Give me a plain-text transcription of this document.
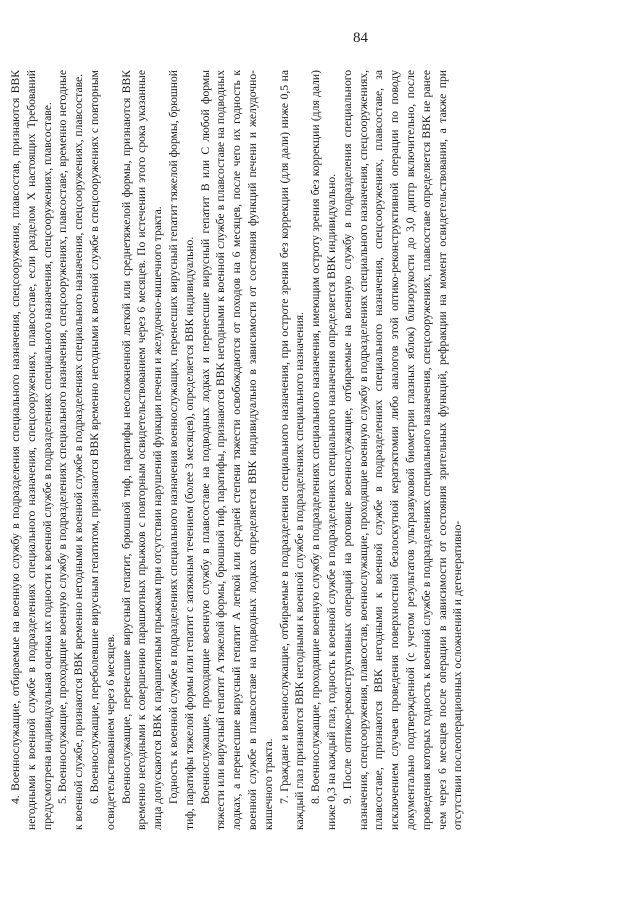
84

4. Военнослужащие, отбираемые на военную службу в подразделения специального назначения, спецсооружения, плавсостав, признаются ВВК негодными к военной службе в подразделениях специального назначения, спецсооружениях, плавсоставе, если разделом Х настоящих Требований предусмотрена индивидуальная оценка их годности к военной службе в подразделениях специального назначения, спецсооружениях, плавсоставе. 5. Военнослужащие, проходящие военную службу в подразделениях специального назначения, спецсооружениях, плавсоставе, временно негодные к военной службе, признаются ВВК временно негодными к военной службе в подразделениях специального назначения, спецсооружениях, плавсоставе. 6. Военнослужащие, переболевшие вирусным гепатитом, признаются ВВК временно негодными к военной службе в спецсооружениях с повторным освидетельствованием через 6 месяцев. Военнослужащие, перенесшие вирусный гепатит, брюшной тиф, паратифы неосложненной легкой или среднетяжелой формы, признаются ВВК временно негодными к совершению парашютных прыжков с повторным освидетельствованием через 6 месяцев. По истечении этого срока указанные лица допускаются ВВК к парашютным прыжкам при отсутствии нарушений функции печени и желудочно-кишечного тракта. Годность к военной службе в подразделениях специального назначения военнослужащих, перенесших вирусный гепатит тяжелой формы, брюшной тиф, паратифы тяжелой формы или гепатит с затяжным течением (более 3 месяцев), определяется ВВК индивидуально. Военнослужащие, проходящие военную службу в плавсоставе на подводных лодках и перенесшие вирусный гепатит В или С любой формы тяжести или вирусный гепатит А тяжелой формы, брюшной тиф, паратифы, признаются ВВК негодными к военной службе в плавсоставе на подводных лодках, а перенесшие вирусный гепатит А легкой или средней степени тяжести освобождаются от походов на 6 месяцев, после чего их годность к военной службе в плавсоставе на подводных лодках определяется ВВК индивидуально в зависимости от состояния функций печени и желудочно-кишечного тракта. 7. Граждане и военнослужащие, отбираемые в подразделения специального назначения, при остроте зрения без коррекции (для дали) ниже 0,5 на каждый глаз признаются ВВК негодными к военной службе в подразделениях специального назначения. 8. Военнослужащие, проходящие военную службу в подразделениях специального назначения, имеющим остроту зрения без коррекции (для дали) ниже 0,3 на каждый глаз, годность к военной службе в подразделениях специального назначения определяется ВВК индивидуально. 9. После оптико-реконструктивных операций на роговице военнослужащие, отбираемые на военную службу в подразделения специального назначения, спецсооружения, плавсостав, военнослужащие, проходящие военную службу в подразделениях специального назначения, спецсооружениях, плавсоставе, признаются ВВК негодными к военной службе в подразделениях специального назначения, спецсооружениях, плавсоставе, за исключением случаев проведения поверхностной безлоскутной кератэктомии либо аналогов этой оптико-реконструктивной операции по поводу документально подтвержденной (с учетом результатов ультразвуковой биометрии глазных яблок) близорукости до 3,0 диптр включительно, после проведения которых годность к военной службе в подразделениях специального назначения, спецсооружениях, плавсоставе определяется ВВК не ранее чем через 6 месяцев после операции в зависимости от состояния зрительных функций, рефракции на момент освидетельствования, а также при отсутствии послеоперационных осложнений и дегенеративно-
